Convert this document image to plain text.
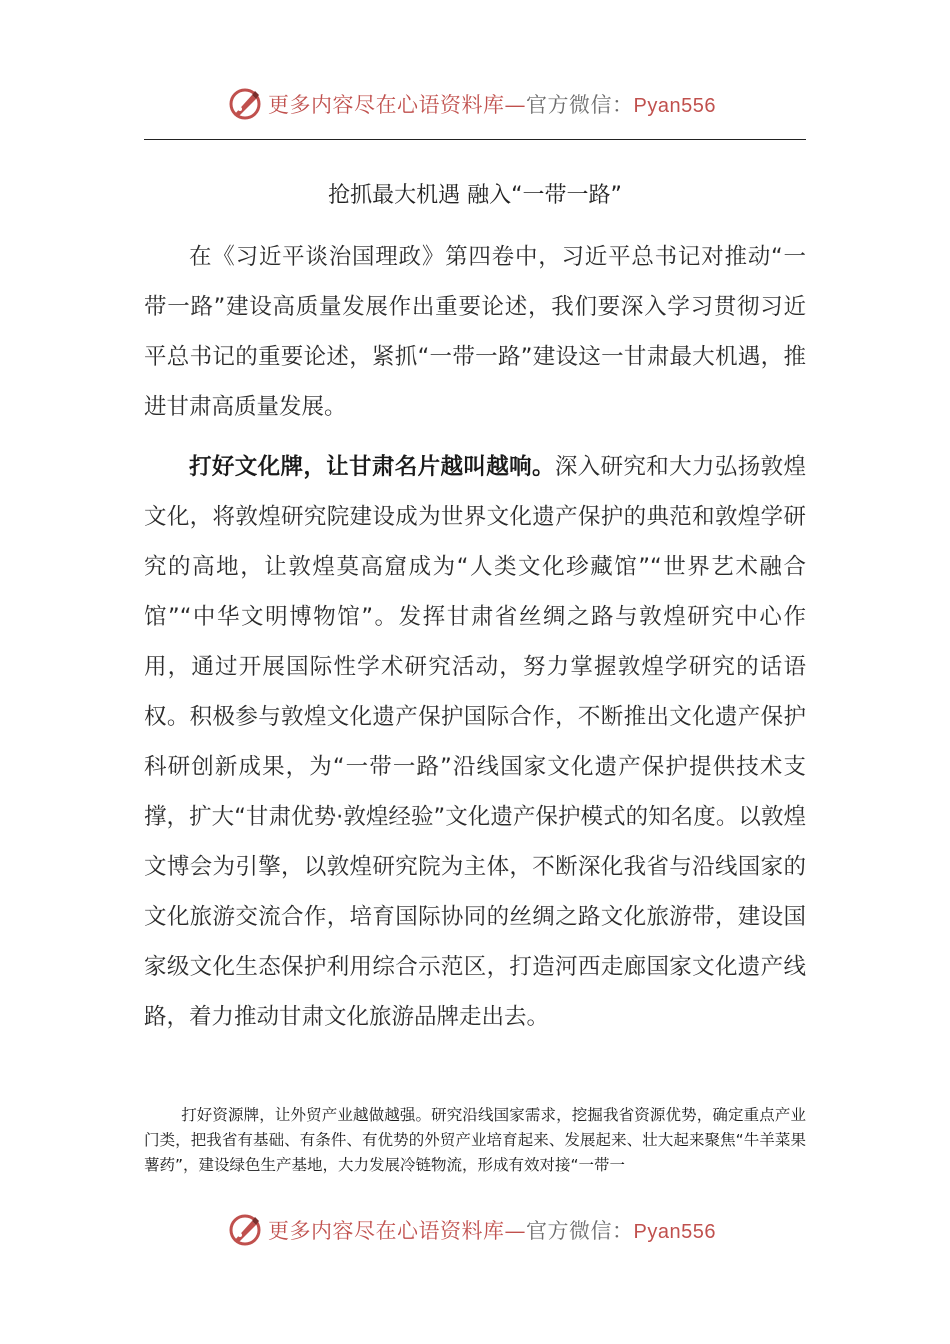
更多内容尽在心语资料库—官方微信：Pyan556
抢抓最大机遇 融入“一带一路”

在《习近平谈治国理政》第四卷中，习近平总书记对推动“一带一路”建设高质量发展作出重要论述，我们要深入学习贯彻习近平总书记的重要论述，紧抓“一带一路”建设这一甘肃最大机遇，推进甘肃高质量发展。

打好文化牌，让甘肃名片越叫越响。深入研究和大力弘扬敦煌文化，将敦煌研究院建设成为世界文化遗产保护的典范和敦煌学研究的高地，让敦煌莫高窟成为“人类文化珍藏馆”“世界艺术融合馆”“中华文明博物馆”。发挥甘肃省丝绸之路与敦煌研究中心作用，通过开展国际性学术研究活动，努力掌握敦煌学研究的话语权。积极参与敦煌文化遗产保护国际合作，不断推出文化遗产保护科研创新成果，为“一带一路”沿线国家文化遗产保护提供技术支撑，扩大“甘肃优势·敦煌经验”文化遗产保护模式的知名度。以敦煌文博会为引擎，以敦煌研究院为主体，不断深化我省与沿线国家的文化旅游交流合作，培育国际协同的丝绸之路文化旅游带，建设国家级文化生态保护利用综合示范区，打造河西走廊国家文化遗产线路，着力推动甘肃文化旅游品牌走出去。

打好资源牌，让外贸产业越做越强。研究沿线国家需求，挖掘我省资源优势，确定重点产业门类，把我省有基础、有条件、有优势的外贸产业培育起来、发展起来、壮大起来聚焦“牛羊菜果薯药”，建设绿色生产基地，大力发展冷链物流，形成有效对接“一带一

更多内容尽在心语资料库—官方微信：Pyan556
